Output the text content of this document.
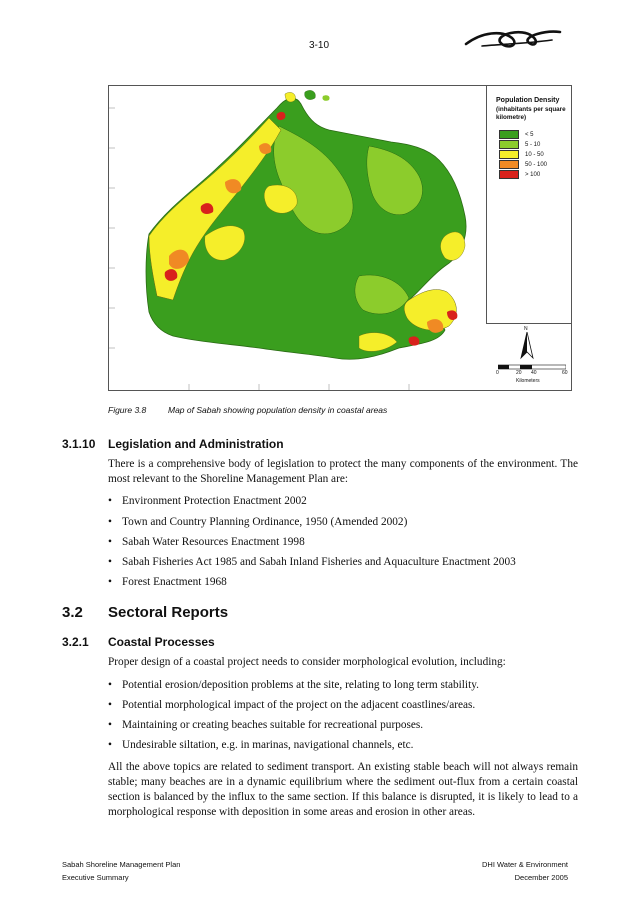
3-10
Population Density
(inhabitants per square kilometre)
< 5
5 - 10
10 - 50
50 - 100
> 100
N
0	20 40	60
Kilometers
Figure 3.8	Map of Sabah showing population density in coastal areas
3.1.10 Legislation and Administration
There is a comprehensive body of legislation to protect the many components of the environment. The most relevant to the Shoreline Management Plan are:
• Environment Protection Enactment 2002
• Town and Country Planning Ordinance, 1950 (Amended 2002)
• Sabah Water Resources Enactment 1998
• Sabah Fisheries Act 1985 and Sabah Inland Fisheries and Aquaculture Enactment 2003
• Forest Enactment 1968
3.2 Sectoral Reports
3.2.1 Coastal Processes
Proper design of a coastal project needs to consider morphological evolution, including:
• Potential erosion/deposition problems at the site, relating to long term stability.
• Potential morphological impact of the project on the adjacent coastlines/areas.
• Maintaining or creating beaches suitable for recreational purposes.
• Undesirable siltation, e.g. in marinas, navigational channels, etc.
All the above topics are related to sediment transport. An existing stable beach will not always remain stable; many beaches are in a dynamic equilibrium where the sediment out-flux from a certain coastal section is balanced by the influx to the same section. If this balance is disrupted, it is likely to lead to a morphological response with deposition in some areas and erosion in other areas.
Sabah Shoreline Management Plan
Executive Summary
DHI Water & Environment
December 2005
